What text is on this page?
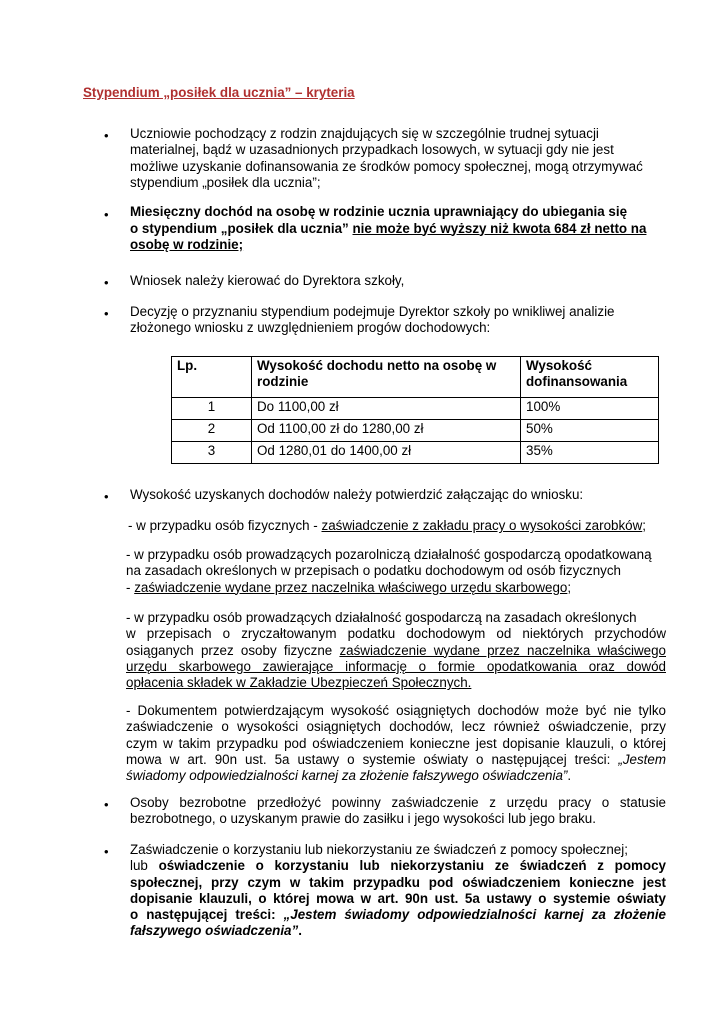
Stypendium „posiłek dla ucznia” – kryteria
• Uczniowie pochodzący z rodzin znajdujących się w szczególnie trudnej sytuacji
materialnej, bądź w uzasadnionych przypadkach losowych, w sytuacji gdy nie jest
możliwe uzyskanie dofinansowania ze środków pomocy społecznej, mogą otrzymywać
stypendium „posiłek dla ucznia”;
• Miesięczny dochód na osobę w rodzinie ucznia uprawniający do ubiegania się
o stypendium „posiłek dla ucznia” nie może być wyższy niż kwota 684 zł netto na
osobę w rodzinie;
• Wniosek należy kierować do Dyrektora szkoły,
• Decyzję o przyznaniu stypendium podejmuje Dyrektor szkoły po wnikliwej analizie
złożonego wniosku z uwzględnieniem progów dochodowych:
Lp.	Wysokość dochodu netto na osobę w rodzinie	Wysokość dofinansowania
1	Do 1100,00 zł	100%
2	Od 1100,00 zł do 1280,00 zł	50%
3	Od 1280,01 do 1400,00 zł	35%
• Wysokość uzyskanych dochodów należy potwierdzić załączając do wniosku:
- w przypadku osób fizycznych - zaświadczenie z zakładu pracy o wysokości zarobków;
- w przypadku osób prowadzących pozarolniczą działalność gospodarczą opodatkowaną
na zasadach określonych w przepisach o podatku dochodowym od osób fizycznych
- zaświadczenie wydane przez naczelnika właściwego urzędu skarbowego;
- w przypadku osób prowadzących działalność gospodarczą na zasadach określonych
w przepisach o zryczałtowanym podatku dochodowym od niektórych przychodów
osiąganych przez osoby fizyczne zaświadczenie wydane przez naczelnika właściwego
urzędu skarbowego zawierające informację o formie opodatkowania oraz dowód
opłacenia składek w Zakładzie Ubezpieczeń Społecznych.
- Dokumentem potwierdzającym wysokość osiągniętych dochodów może być nie tylko
zaświadczenie o wysokości osiągniętych dochodów, lecz również oświadczenie, przy
czym w takim przypadku pod oświadczeniem konieczne jest dopisanie klauzuli, o której
mowa w art. 90n ust. 5a ustawy o systemie oświaty o następującej treści: „Jestem
świadomy odpowiedzialności karnej za złożenie fałszywego oświadczenia”.
• Osoby bezrobotne przedłożyć powinny zaświadczenie z urzędu pracy o statusie
bezrobotnego, o uzyskanym prawie do zasiłku i jego wysokości lub jego braku.
• Zaświadczenie o korzystaniu lub niekorzystaniu ze świadczeń z pomocy społecznej;
lub oświadczenie o korzystaniu lub niekorzystaniu ze świadczeń z pomocy
społecznej, przy czym w takim przypadku pod oświadczeniem konieczne jest
dopisanie klauzuli, o której mowa w art. 90n ust. 5a ustawy o systemie oświaty
o następującej treści: „Jestem świadomy odpowiedzialności karnej za złożenie
fałszywego oświadczenia”.
